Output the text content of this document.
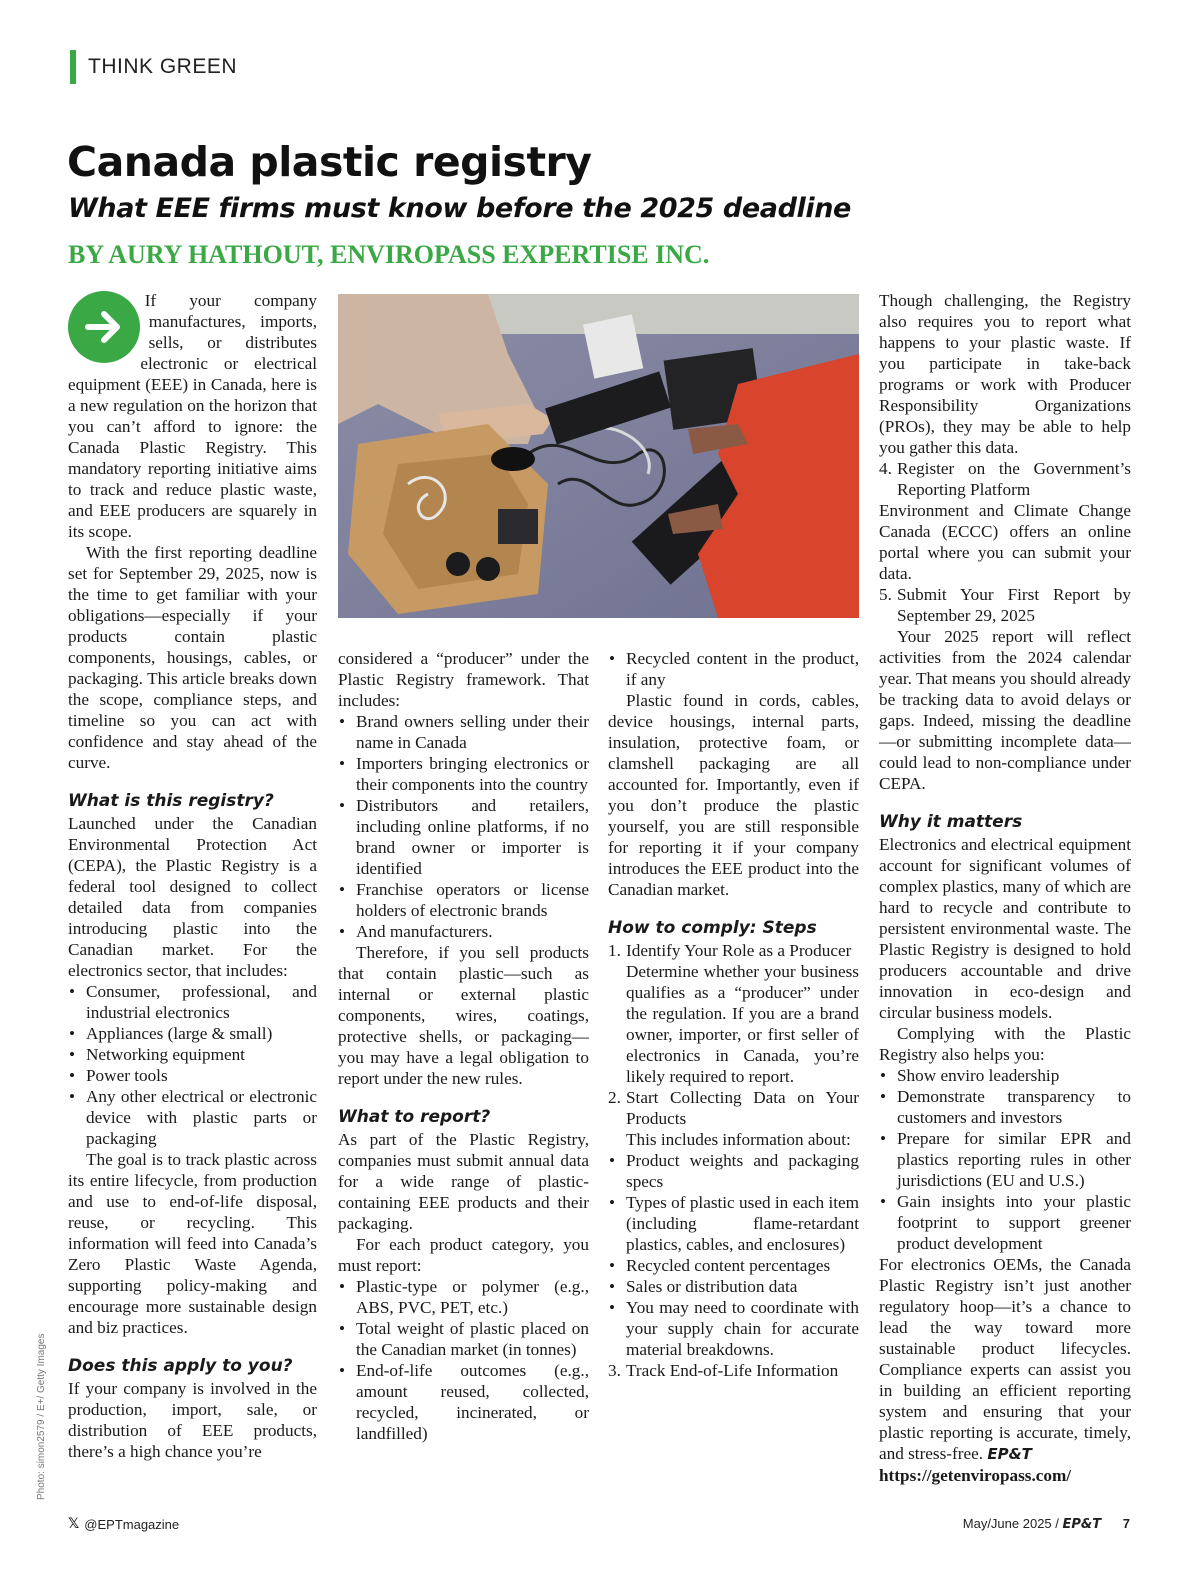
THINK GREEN
Canada plastic registry
What EEE firms must know before the 2025 deadline
BY AURY HATHOUT, ENVIROPASS EXPERTISE INC.

If your company manufactures, imports, sells, or distributes electronic or electrical equipment (EEE) in Canada, here is a new regulation on the horizon that you can’t afford to ignore: the Canada Plastic Registry. This mandatory reporting initiative aims to track and reduce plastic waste, and EEE producers are squarely in its scope.

With the first reporting deadline set for September 29, 2025, now is the time to get familiar with your obligations—especially if your products contain plastic components, housings, cables, or packaging. This article breaks down the scope, compliance steps, and timeline so you can act with confidence and stay ahead of the curve.

What is this registry?

Launched under the Canadian Environmental Protection Act (CEPA), the Plastic Registry is a federal tool designed to collect detailed data from companies introducing plastic into the Canadian market. For the electronics sector, that includes:

• Consumer, professional, and industrial electronics
• Appliances (large & small)
• Networking equipment
• Power tools
• Any other electrical or electronic device with plastic parts or packaging

The goal is to track plastic across its entire lifecycle, from production and use to end-of-life disposal, reuse, or recycling. This information will feed into Canada’s Zero Plastic Waste Agenda, supporting policy-making and encourage more sustainable design and biz practices.

Does this apply to you?

If your company is involved in the production, import, sale, or distribution of EEE products, there’s a high chance you’re

considered a “producer” under the Plastic Registry framework. That includes:

• Brand owners selling under their name in Canada
• Importers bringing electronics or their components into the country
• Distributors and retailers, including online platforms, if no brand owner or importer is identified
• Franchise operators or license holders of electronic brands
• And manufacturers.

Therefore, if you sell products that contain plastic—such as internal or external plastic components, wires, coatings, protective shells, or packaging—you may have a legal obligation to report under the new rules.

What to report?

As part of the Plastic Registry, companies must submit annual data for a wide range of plastic-containing EEE products and their packaging.

For each product category, you must report:

• Plastic-type or polymer (e.g., ABS, PVC, PET, etc.)
• Total weight of plastic placed on the Canadian market (in tonnes)
• End-of-life outcomes (e.g., amount reused, collected, recycled, incinerated, or landfilled)
• Recycled content in the product, if any

Plastic found in cords, cables, device housings, internal parts, insulation, protective foam, or clamshell packaging are all accounted for. Importantly, even if you don’t produce the plastic yourself, you are still responsible for reporting it if your company introduces the EEE product into the Canadian market.

How to comply: Steps
1. Identify Your Role as a Producer
Determine whether your business qualifies as a “producer” under the regulation. If you are a brand owner, importer, or first seller of electronics in Canada, you’re likely required to report.
2. Start Collecting Data on Your Products
This includes information about:
• Product weights and packaging specs
• Types of plastic used in each item (including flame-retardant plastics, cables, and enclosures)
• Recycled content percentages
• Sales or distribution data
• You may need to coordinate with your supply chain for accurate material breakdowns.
3. Track End-of-Life Information

Though challenging, the Registry also requires you to report what happens to your plastic waste. If you participate in take-back programs or work with Producer Responsibility Organizations (PROs), they may be able to help you gather this data.

4. Register on the Government’s Reporting Platform

Environment and Climate Change Canada (ECCC) offers an online portal where you can submit your data.

5. Submit Your First Report by September 29, 2025

Your 2025 report will reflect activities from the 2024 calendar year. That means you should already be tracking data to avoid delays or gaps. Indeed, missing the deadline—or submitting incomplete data—could lead to non-compliance under CEPA.

Why it matters

Electronics and electrical equipment account for significant volumes of complex plastics, many of which are hard to recycle and contribute to persistent environmental waste. The Plastic Registry is designed to hold producers accountable and drive innovation in eco-design and circular business models.

Complying with the Plastic Registry also helps you:

• Show enviro leadership
• Demonstrate transparency to customers and investors
• Prepare for similar EPR and plastics reporting rules in other jurisdictions (EU and U.S.)
• Gain insights into your plastic footprint to support greener product development

For electronics OEMs, the Canada Plastic Registry isn’t just another regulatory hoop—it’s a chance to lead the way toward more sustainable product lifecycles. Compliance experts can assist you in building an efficient reporting system and ensuring that your plastic reporting is accurate, timely, and stress-free. EP&T

https://getenviropass.com/

Photo: simon2579 / E+/ Getty Images
𝕏 @EPTmagazine	May/June 2025 / EP&T 7
